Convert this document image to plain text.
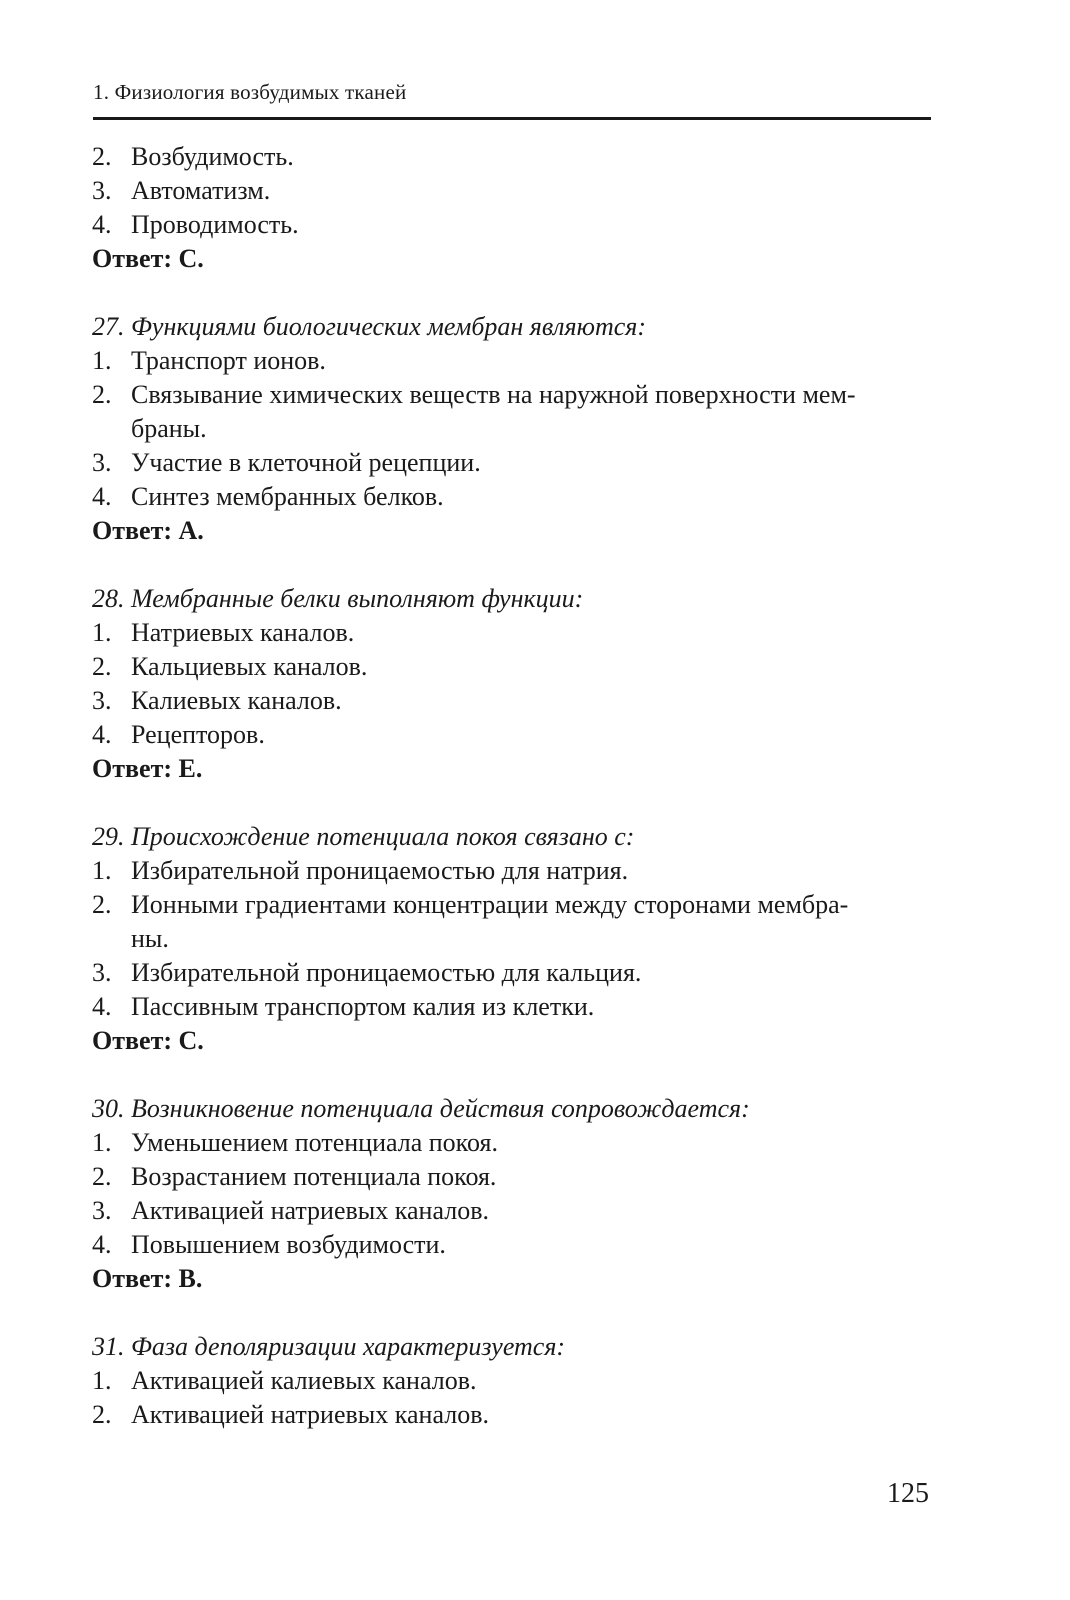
1. Физиология возбудимых тканей
2. Возбудимость.
3. Автоматизм.
4. Проводимость.
Ответ: С.
27. Функциями биологических мембран являются:
1. Транспорт ионов.
2. Связывание химических веществ на наружной поверхности мем-
браны.
3. Участие в клеточной рецепции.
4. Синтез мембранных белков.
Ответ: А.
28. Мембранные белки выполняют функции:
1. Натриевых каналов.
2. Кальциевых каналов.
3. Калиевых каналов.
4. Рецепторов.
Ответ: Е.
29. Происхождение потенциала покоя связано с:
1. Избирательной проницаемостью для натрия.
2. Ионными градиентами концентрации между сторонами мембра-
ны.
3. Избирательной проницаемостью для кальция.
4. Пассивным транспортом калия из клетки.
Ответ: С.
30. Возникновение потенциала действия сопровождается:
1. Уменьшением потенциала покоя.
2. Возрастанием потенциала покоя.
3. Активацией натриевых каналов.
4. Повышением возбудимости.
Ответ: В.
31. Фаза деполяризации характеризуется:
1. Активацией калиевых каналов.
2. Активацией натриевых каналов.
125
